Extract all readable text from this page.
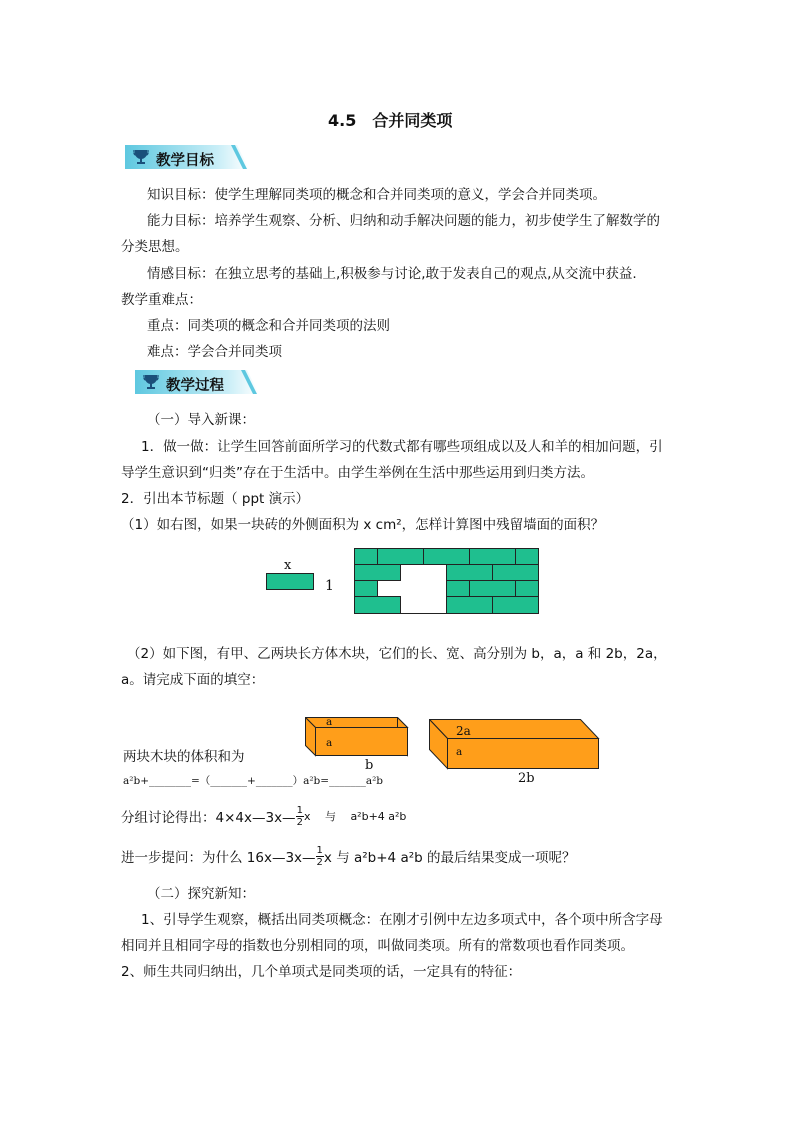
4.5　合并同类项
教学目标
知识目标：使学生理解同类项的概念和合并同类项的意义，学会合并同类项。
能力目标：培养学生观察、分析、归纳和动手解决问题的能力，初步使学生了解数学的
分类思想。
情感目标：在独立思考的基础上,积极参与讨论,敢于发表自己的观点,从交流中获益.
教学重难点：
重点：同类项的概念和合并同类项的法则
难点：学会合并同类项
教学过程
（一）导入新课：
1．做一做：让学生回答前面所学习的代数式都有哪些项组成以及人和羊的相加问题，引
导学生意识到“归类”存在于生活中。由学生举例在生活中那些运用到归类方法。
2．引出本节标题（ ppt 演示）
（1）如右图，如果一块砖的外侧面积为 x cm²，怎样计算图中残留墙面的面积？
x
1
（2）如下图，有甲、乙两块长方体木块，它们的长、宽、高分别为 b，a，a 和 2b，2a，
a。请完成下面的填空：
a
a
b
2a
a
2b
两块木块的体积和为
a²b+________=（_______+_______）a²b=_______a²b
分组讨论得出：4×4x—3x— $\frac{1}{2}$ x　 与　 a²b+4 a²b
进一步提问：为什么 16x—3x— $\frac{1}{2}$ x 与 a²b+4 a²b 的最后结果变成一项呢？
（二）探究新知：
1、引导学生观察，概括出同类项概念：在刚才引例中左边多项式中，各个项中所含字母
相同并且相同字母的指数也分别相同的项，叫做同类项。所有的常数项也看作同类项。
2、师生共同归纳出，几个单项式是同类项的话，一定具有的特征：
